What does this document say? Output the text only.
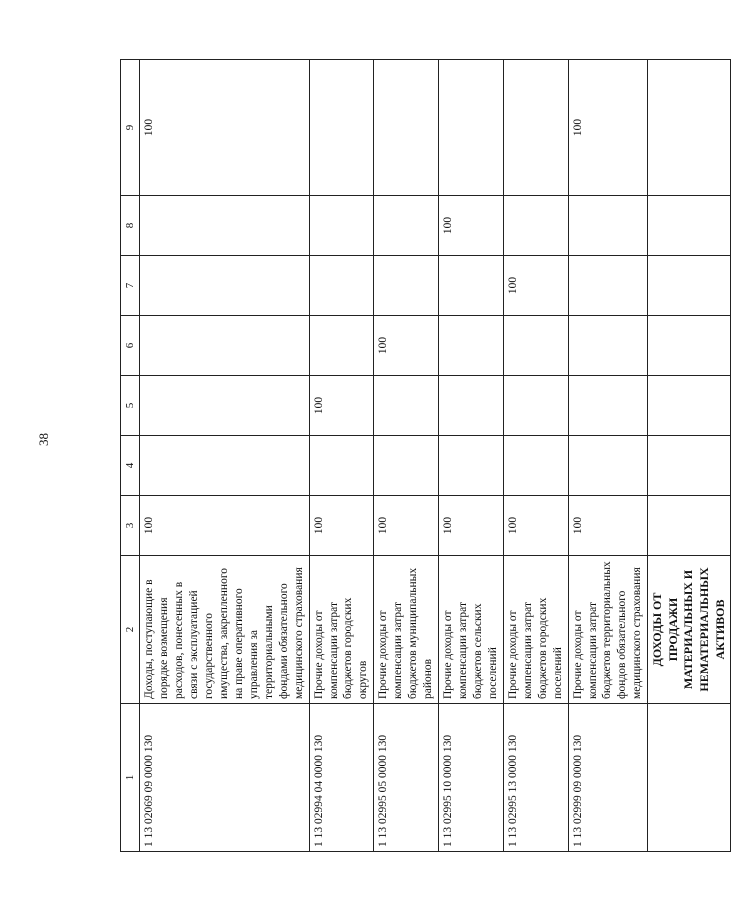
38
1	2	3	4	5	6	7	8	9
1 13 02069 09 0000 130	Доходы, поступающие в порядке возмещения расходов, понесенных в связи с эксплуатацией государственного имущества, закрепленного на праве оперативного управления за территориальными фондами обязательного медицинского страхования	100						100
1 13 02994 04 0000 130	Прочие доходы от компенсации затрат бюджетов городских округов	100		100				
1 13 02995 05 0000 130	Прочие доходы от компенсации затрат бюджетов муниципальных районов	100			100			
1 13 02995 10 0000 130	Прочие доходы от компенсации затрат бюджетов сельских поселений	100					100	
1 13 02995 13 0000 130	Прочие доходы от компенсации затрат бюджетов городских поселений	100				100		
1 13 02999 09 0000 130	Прочие доходы от компенсации затрат бюджетов территориальных фондов обязательного медицинского страхования	100						100
	ДОХОДЫ ОТ ПРОДАЖИ МАТЕРИАЛЬНЫХ И НЕМАТЕРИАЛЬНЫХ АКТИВОВ							
